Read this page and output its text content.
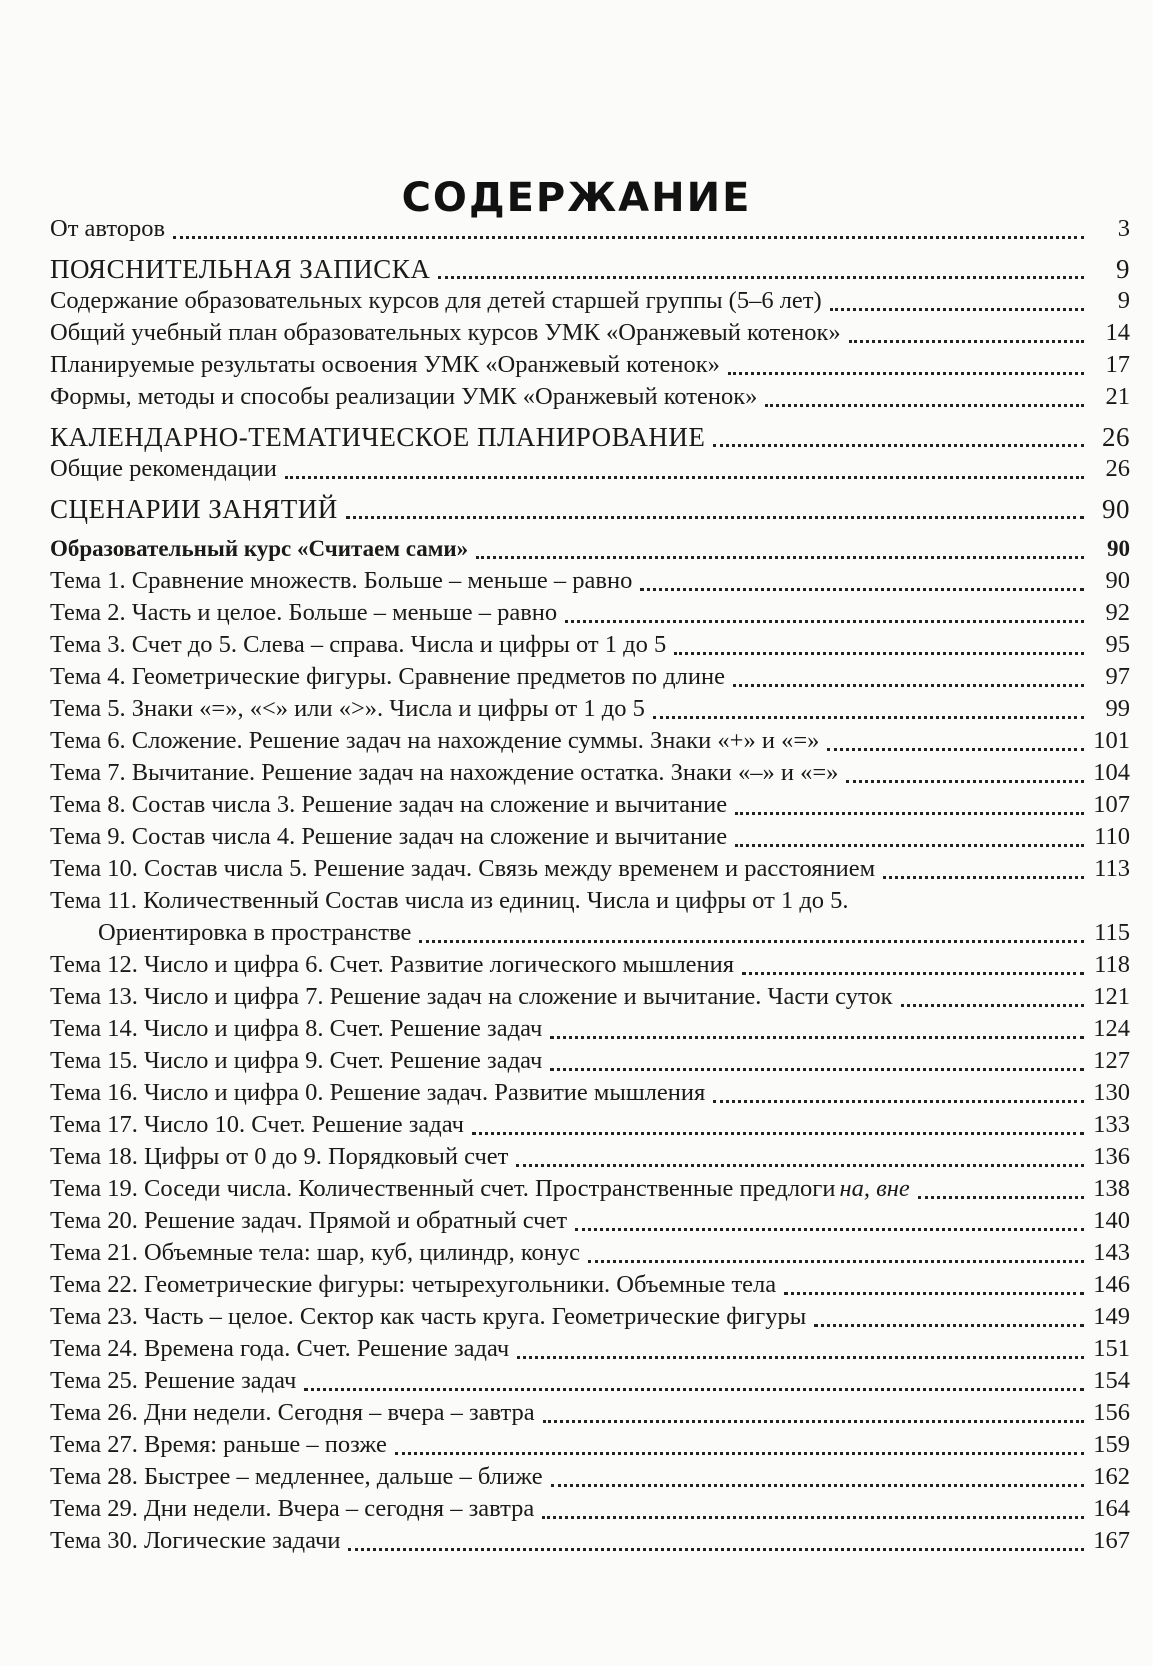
СОДЕРЖАНИЕ
От авторов	3
ПОЯСНИТЕЛЬНАЯ ЗАПИСКА	9
Содержание образовательных курсов для детей старшей группы (5–6 лет)	9
Общий учебный план образовательных курсов УМК «Оранжевый котенок»	14
Планируемые результаты освоения УМК «Оранжевый котенок»	17
Формы, методы и способы реализации УМК «Оранжевый котенок»	21
КАЛЕНДАРНО-ТЕМАТИЧЕСКОЕ ПЛАНИРОВАНИЕ	26
Общие рекомендации	26
СЦЕНАРИИ ЗАНЯТИЙ	90
Образовательный курс «Считаем сами»	90
Тема 1. Сравнение множеств. Больше – меньше – равно	90
Тема 2. Часть и целое. Больше – меньше – равно	92
Тема 3. Счет до 5. Слева – справа. Числа и цифры от 1 до 5	95
Тема 4. Геометрические фигуры. Сравнение предметов по длине	97
Тема 5. Знаки «=», «<» или «>». Числа и цифры от 1 до 5	99
Тема 6. Сложение. Решение задач на нахождение суммы. Знаки «+» и «=»	101
Тема 7. Вычитание. Решение задач на нахождение остатка. Знаки «–» и «=»	104
Тема 8. Состав числа 3. Решение задач на сложение и вычитание	107
Тема 9. Состав числа 4. Решение задач на сложение и вычитание	110
Тема 10. Состав числа 5. Решение задач. Связь между временем и расстоянием	113
Тема 11. Количественный Состав числа из единиц. Числа и цифры от 1 до 5.
Ориентировка в пространстве	115
Тема 12. Число и цифра 6. Счет. Развитие логического мышления	118
Тема 13. Число и цифра 7. Решение задач на сложение и вычитание. Части суток	121
Тема 14. Число и цифра 8. Счет. Решение задач	124
Тема 15. Число и цифра 9. Счет. Решение задач	127
Тема 16. Число и цифра 0. Решение задач. Развитие мышления	130
Тема 17. Число 10. Счет. Решение задач	133
Тема 18. Цифры от 0 до 9. Порядковый счет	136
Тема 19. Соседи числа. Количественный счет. Пространственные предлоги на, вне	138
Тема 20. Решение задач. Прямой и обратный счет	140
Тема 21. Объемные тела: шар, куб, цилиндр, конус	143
Тема 22. Геометрические фигуры: четырехугольники. Объемные тела	146
Тема 23. Часть – целое. Сектор как часть круга. Геометрические фигуры	149
Тема 24. Времена года. Счет. Решение задач	151
Тема 25. Решение задач	154
Тема 26. Дни недели. Сегодня – вчера – завтра	156
Тема 27. Время: раньше – позже	159
Тема 28. Быстрее – медленнее, дальше – ближе	162
Тема 29. Дни недели. Вчера – сегодня – завтра	164
Тема 30. Логические задачи	167
